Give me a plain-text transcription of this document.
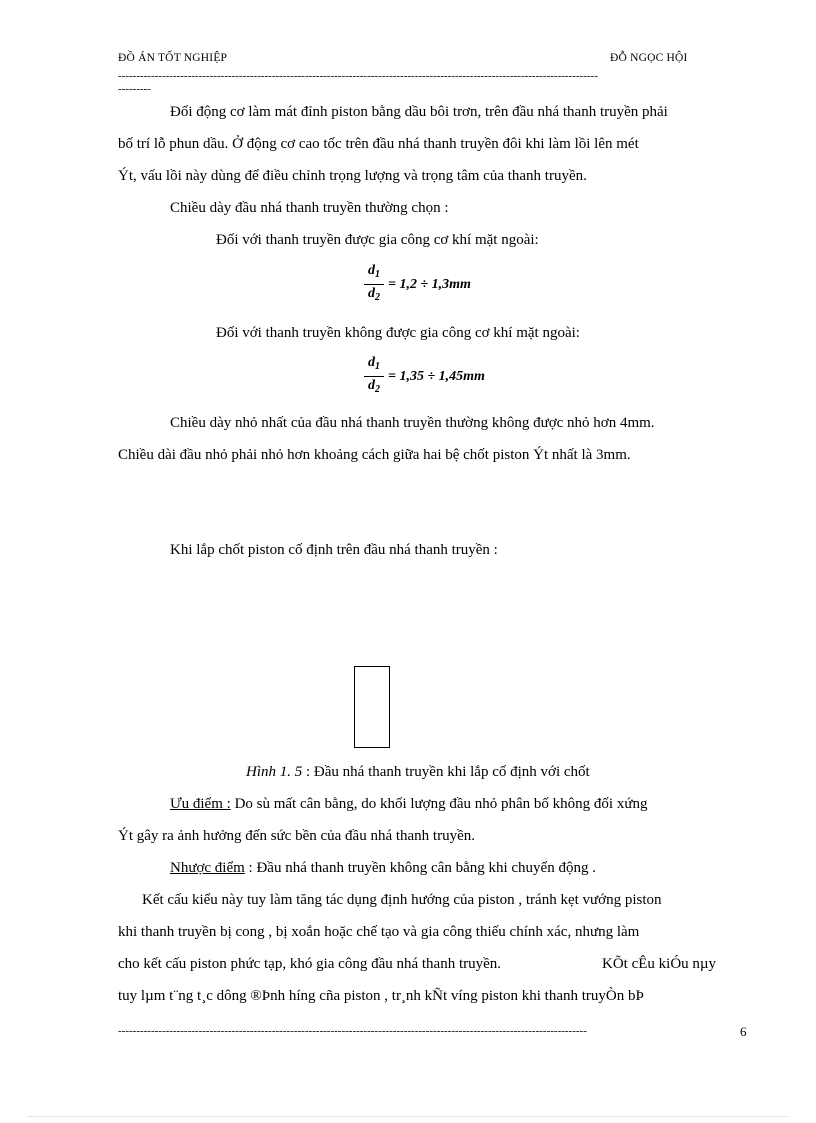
ĐỒ ÁN TỐT NGHIỆP	ĐỖ NGỌC HỘI
-----------------------------------------------------------------------------------------------------------------------------------
---------
Đối động cơ làm mát đỉnh piston bằng dầu bôi trơn, trên đầu nhá thanh truyền phải
bố trí lỗ phun dầu. Ở động cơ cao tốc trên đầu nhá thanh truyền đôi khi làm lồi lên mét
Ýt, vấu lồi này dùng để điều chỉnh trọng lượng và trọng tâm của thanh truyền.
Chiều dày đầu nhá thanh truyền thường chọn :
Đối với thanh truyền được gia công cơ khí mặt ngoài:
$d_1$
$d_2$
= 1,2 ÷ 1,3mm
Đối với thanh truyền không được gia công cơ khí mặt ngoài:
$d_1$
$d_2$
= 1,35 ÷ 1,45mm
Chiều dày nhỏ nhất của đầu nhá thanh truyền thường không được nhỏ hơn 4mm.
Chiều dài đầu nhỏ phải nhỏ hơn khoảng cách giữa hai bệ chốt piston Ýt nhất là 3mm.
Khi lắp chốt piston cố định trên đầu nhá thanh truyền :
Hình 1. 5 : Đầu nhá thanh truyền khi lắp cố định với chốt
Ưu điểm : Do sù mất cân bằng, do khối lượng đầu nhỏ phân bố không đối xứng
Ýt gây ra ảnh hưởng đến sức bền của đầu nhá thanh truyền.
Nhược điểm : Đầu nhá thanh truyền không cân bằng khi chuyển động .
Kết cấu kiểu này tuy làm tăng tác dụng định hướng của piston , tránh kẹt vướng piston
khi thanh truyền bị cong , bị xoắn hoặc chế tạo và gia công thiếu chính xác, nhưng làm
cho kết cấu piston phức tạp, khó gia công đầu nhá thanh truyền.	KÕt cÊu kiÓu nµy
tuy lµm t¨ng t¸c dông ®Þnh híng cña piston , tr¸nh kÑt víng piston khi thanh truyÒn bÞ
--------------------------------------------------------------------------------------------------------------------------------	6
